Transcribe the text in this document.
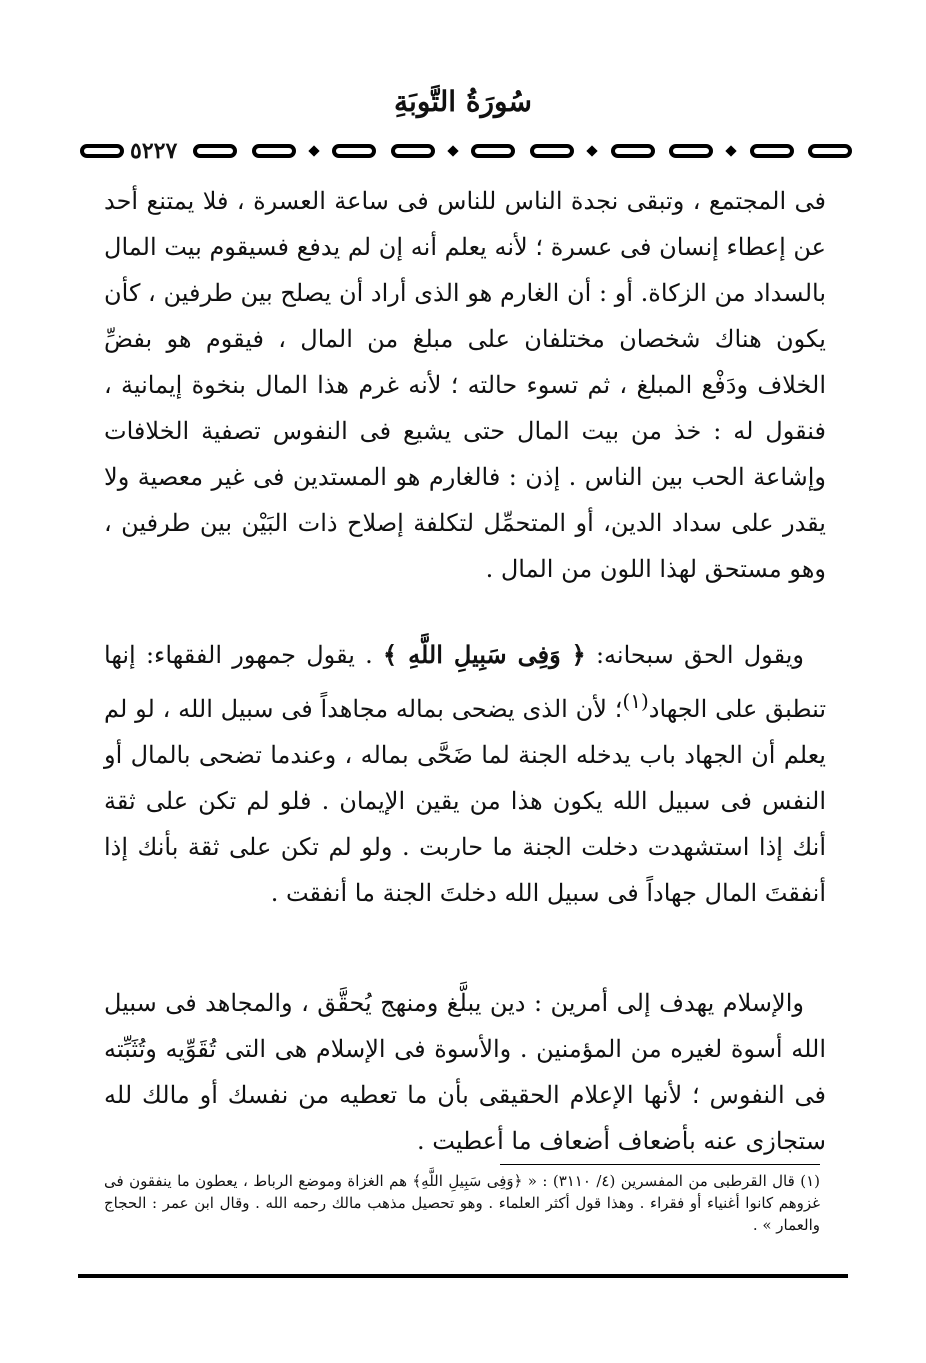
سُورَةُ التَّوبَةِ
٥٢٢٧

فى المجتمع ، وتبقى نجدة الناس للناس فى ساعة العسرة ، فلا يمتنع أحد عن إعطاء إنسان فى عسرة ؛ لأنه يعلم أنه إن لم يدفع فسيقوم بيت المال بالسداد من الزكاة. أو : أن الغارم هو الذى أراد أن يصلح بين طرفين ، كأن يكون هناك شخصان مختلفان على مبلغ من المال ، فيقوم هو بفضِّ الخلاف ودَفْع المبلغ ، ثم تسوء حالته ؛ لأنه غرم هذا المال بنخوة إيمانية ، فنقول له : خذ من بيت المال حتى يشيع فى النفوس تصفية الخلافات وإشاعة الحب بين الناس . إذن : فالغارم هو المستدين فى غير معصية ولا يقدر على سداد الدين، أو المتحمِّل لتكلفة إصلاح ذات البَيْن بين طرفين ، وهو مستحق لهذا اللون من المال .

ويقول الحق سبحانه: ﴿ وَفِى سَبِيلِ اللَّهِ ﴾ . يقول جمهور الفقهاء: إنها تنطبق على الجهاد$^{(١)}$؛ لأن الذى يضحى بماله مجاهداً فى سبيل الله ، لو لم يعلم أن الجهاد باب يدخله الجنة لما ضَحَّى بماله ، وعندما تضحى بالمال أو النفس فى سبيل الله يكون هذا من يقين الإيمان . فلو لم تكن على ثقة أنك إذا استشهدت دخلت الجنة ما حاربت . ولو لم تكن على ثقة بأنك إذا أنفقتَ المال جهاداً فى سبيل الله دخلتَ الجنة ما أنفقت .

والإسلام يهدف إلى أمرين : دين يبلَّغ ومنهج يُحقَّق ، والمجاهد فى سبيل الله أسوة لغيره من المؤمنين . والأسوة فى الإسلام هى التى تُقَوِّيه وتُثَبِّته فى النفوس ؛ لأنها الإعلام الحقيقى بأن ما تعطيه من نفسك أو مالك لله ستجازى عنه بأضعاف أضعاف ما أعطيت .

(١) قال القرطبى من المفسرين (٤/ ٣١١٠) : « ﴿وَفِى سَبِيلِ اللَّهِ﴾ هم الغزاة وموضع الرباط ، يعطون ما ينفقون فى غزوهم كانوا أغنياء أو فقراء . وهذا قول أكثر العلماء . وهو تحصيل مذهب مالك رحمه الله . وقال ابن عمر : الحجاج والعمار » .
